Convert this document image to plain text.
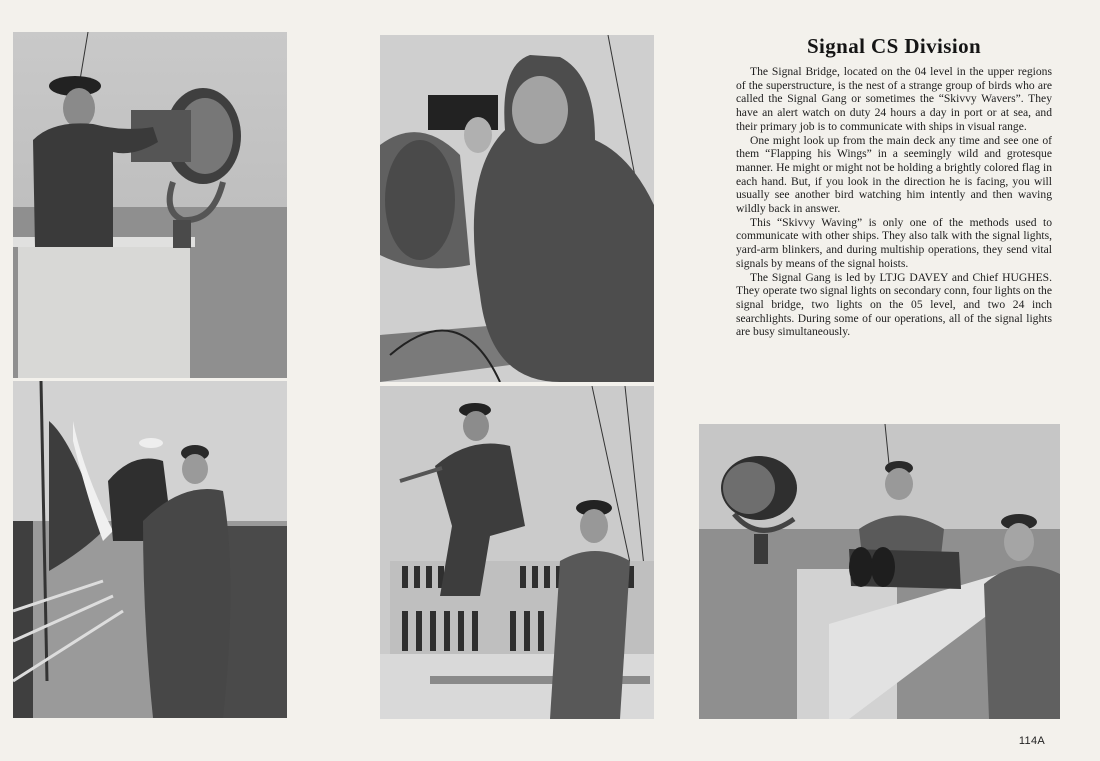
Signal CS Division

The Signal Bridge, located on the 04 level in the upper regions of the superstructure, is the nest of a strange group of birds who are called the Signal Gang or sometimes the “Skivvy Wavers”. They have an alert watch on duty 24 hours a day in port or at sea, and their primary job is to communicate with ships in visual range.

One might look up from the main deck any time and see one of them “Flapping his Wings” in a seemingly wild and grotesque manner. He might or might not be holding a brightly colored flag in each hand. But, if you look in the direction he is facing, you will usually see another bird watching him intently and then waving wildly back in answer.

This “Skivvy Waving” is only one of the methods used to communicate with other ships. They also talk with the signal lights, yard-arm blinkers, and during multiship operations, they send vital signals by means of the signal hoists.

The Signal Gang is led by LTJG DAVEY and Chief HUGHES. They operate two signal lights on secondary conn, four lights on the signal bridge, two lights on the 05 level, and two 24 inch searchlights. During some of our operations, all of the signal lights are busy simultaneously.

114A
